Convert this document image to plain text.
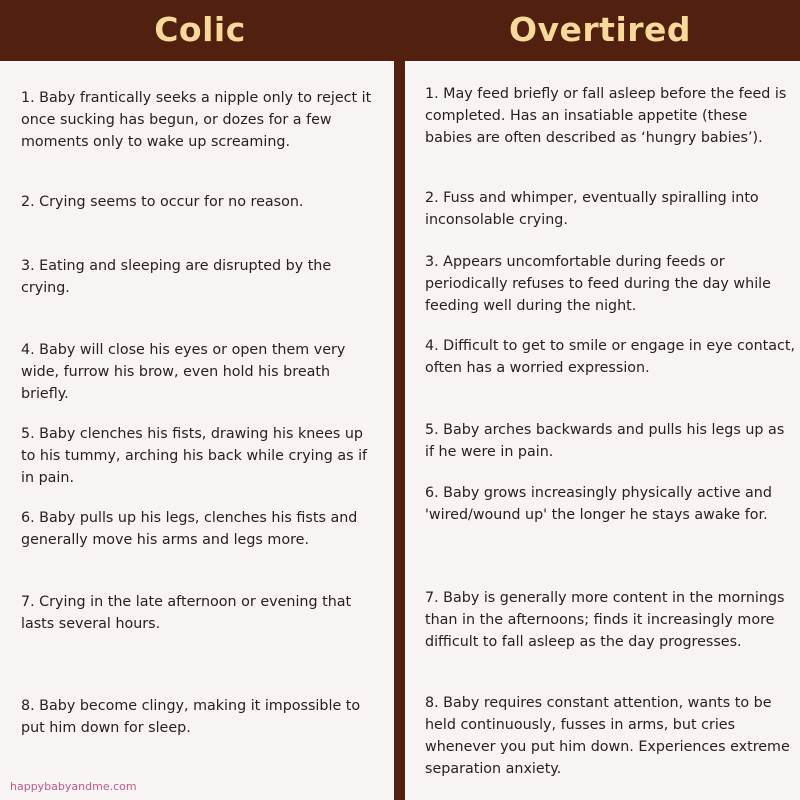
Colic	Overtired
1. Baby frantically seeks a nipple only to reject it once sucking has begun, or dozes for a few moments only to wake up screaming.
2. Crying seems to occur for no reason.
3. Eating and sleeping are disrupted by the crying.
4. Baby will close his eyes or open them very wide, furrow his brow, even hold his breath briefly.
5. Baby clenches his fists, drawing his knees up to his tummy, arching his back while crying as if in pain.
6. Baby pulls up his legs, clenches his fists and generally move his arms and legs more.
7. Crying in the late afternoon or evening that lasts several hours.
8. Baby become clingy, making it impossible to put him down for sleep.
1. May feed briefly or fall asleep before the feed is completed. Has an insatiable appetite (these babies are often described as ‘hungry babies’).
2. Fuss and whimper, eventually spiralling into inconsolable crying.
3. Appears uncomfortable during feeds or periodically refuses to feed during the day while feeding well during the night.
4. Difficult to get to smile or engage in eye contact, often has a worried expression.
5. Baby arches backwards and pulls his legs up as if he were in pain.
6. Baby grows increasingly physically active and 'wired/wound up' the longer he stays awake for.
7. Baby is generally more content in the mornings than in the afternoons; finds it increasingly more difficult to fall asleep as the day progresses.
8. Baby requires constant attention, wants to be held continuously, fusses in arms, but cries whenever you put him down. Experiences extreme separation anxiety.
happybabyandme.com
